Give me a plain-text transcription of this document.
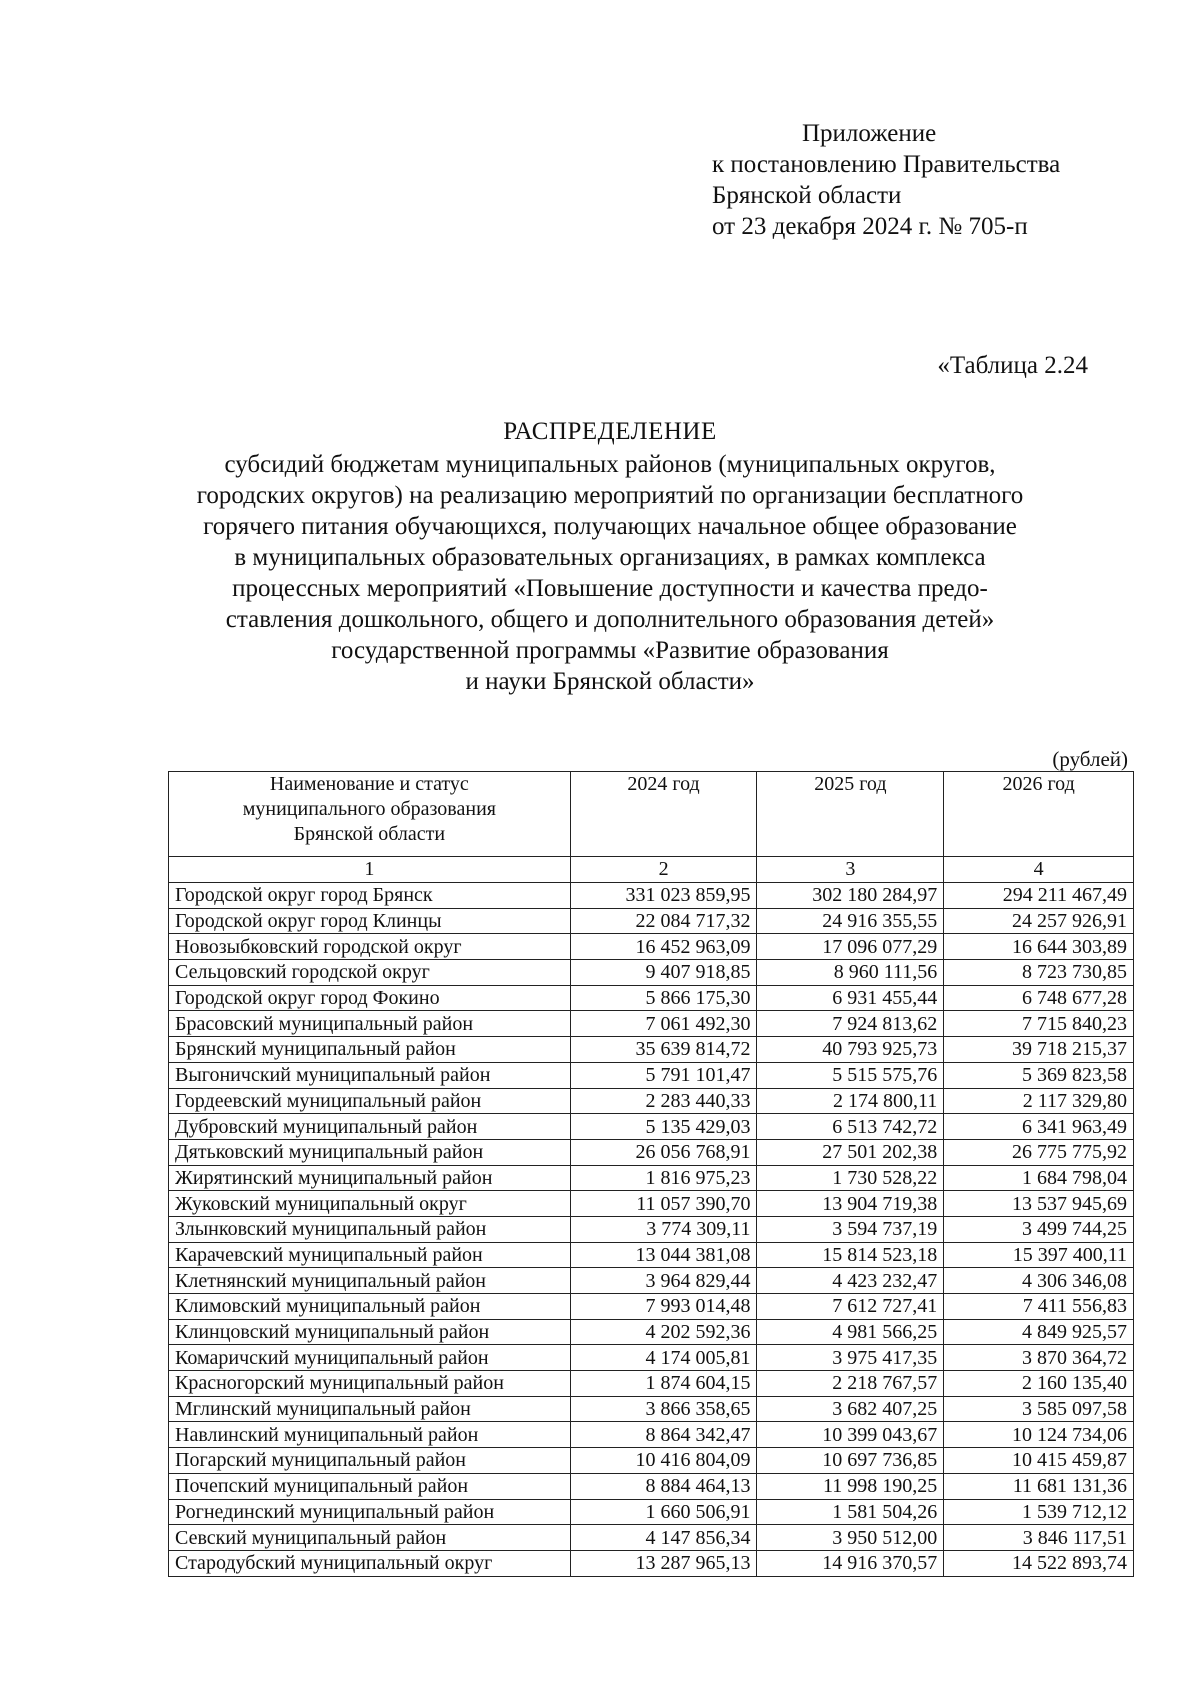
Приложение
к постановлению Правительства
Брянской области
от 23 декабря 2024 г. № 705-п
«Таблица 2.24
РАСПРЕДЕЛЕНИЕ
субсидий бюджетам муниципальных районов (муниципальных округов,
городских округов) на реализацию мероприятий по организации бесплатного
горячего питания обучающихся, получающих начальное общее образование
в муниципальных образовательных организациях, в рамках комплекса
процессных мероприятий «Повышение доступности и качества предо-
ставления дошкольного, общего и дополнительного образования детей»
государственной программы «Развитие образования
и науки Брянской области»
(рублей)
Наименование и статус муниципального образования Брянской области	2024 год	2025 год	2026 год
1	2	3	4
Городской округ город Брянск	331 023 859,95	302 180 284,97	294 211 467,49
Городской округ город Клинцы	22 084 717,32	24 916 355,55	24 257 926,91
Новозыбковский городской округ	16 452 963,09	17 096 077,29	16 644 303,89
Сельцовский городской округ	9 407 918,85	8 960 111,56	8 723 730,85
Городской округ город Фокино	5 866 175,30	6 931 455,44	6 748 677,28
Брасовский муниципальный район	7 061 492,30	7 924 813,62	7 715 840,23
Брянский муниципальный район	35 639 814,72	40 793 925,73	39 718 215,37
Выгоничский муниципальный район	5 791 101,47	5 515 575,76	5 369 823,58
Гордеевский муниципальный район	2 283 440,33	2 174 800,11	2 117 329,80
Дубровский муниципальный район	5 135 429,03	6 513 742,72	6 341 963,49
Дятьковский муниципальный район	26 056 768,91	27 501 202,38	26 775 775,92
Жирятинский муниципальный район	1 816 975,23	1 730 528,22	1 684 798,04
Жуковский муниципальный округ	11 057 390,70	13 904 719,38	13 537 945,69
Злынковский муниципальный район	3 774 309,11	3 594 737,19	3 499 744,25
Карачевский муниципальный район	13 044 381,08	15 814 523,18	15 397 400,11
Клетнянский муниципальный район	3 964 829,44	4 423 232,47	4 306 346,08
Климовский муниципальный район	7 993 014,48	7 612 727,41	7 411 556,83
Клинцовский муниципальный район	4 202 592,36	4 981 566,25	4 849 925,57
Комаричский муниципальный район	4 174 005,81	3 975 417,35	3 870 364,72
Красногорский муниципальный район	1 874 604,15	2 218 767,57	2 160 135,40
Мглинский муниципальный район	3 866 358,65	3 682 407,25	3 585 097,58
Навлинский муниципальный район	8 864 342,47	10 399 043,67	10 124 734,06
Погарский муниципальный район	10 416 804,09	10 697 736,85	10 415 459,87
Почепский муниципальный район	8 884 464,13	11 998 190,25	11 681 131,36
Рогнединский муниципальный район	1 660 506,91	1 581 504,26	1 539 712,12
Севский муниципальный район	4 147 856,34	3 950 512,00	3 846 117,51
Стародубский муниципальный округ	13 287 965,13	14 916 370,57	14 522 893,74
